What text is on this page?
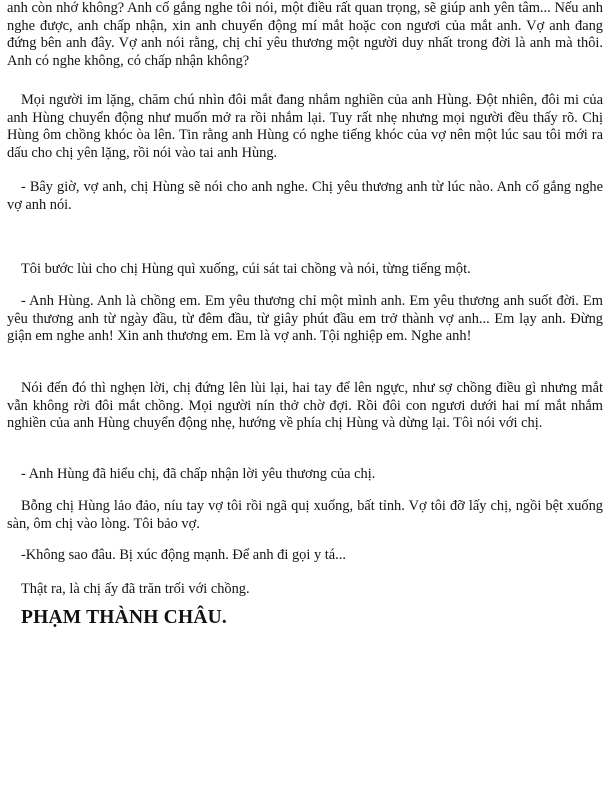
anh còn nhớ không? Anh cố gắng nghe tôi nói, một điều rất quan trọng, sẽ giúp anh yên tâm... Nếu anh nghe được, anh chấp nhận, xin anh chuyển động mí mắt hoặc con ngươi của mắt anh. Vợ anh đang đứng bên anh đây. Vợ anh nói rằng, chị chỉ yêu thương một người duy nhất trong đời là anh mà thôi. Anh có nghe không, có chấp nhận không?

Mọi người im lặng, chăm chú nhìn đôi mắt đang nhắm nghiền của anh Hùng. Đột nhiên, đôi mi của anh Hùng chuyển động như muốn mở ra rồi nhắm lại. Tuy rất nhẹ nhưng mọi người đều thấy rõ. Chị Hùng ôm chồng khóc òa lên. Tin rằng anh Hùng có nghe tiếng khóc của vợ nên một lúc sau tôi mới ra dấu cho chị yên lặng, rồi nói vào tai anh Hùng.

- Bây giờ, vợ anh, chị Hùng sẽ nói cho anh nghe. Chị yêu thương anh từ lúc nào. Anh cố gắng nghe vợ anh nói.

Tôi bước lùi cho chị Hùng quì xuống, cúi sát tai chồng và nói, từng tiếng một.

- Anh Hùng. Anh là chồng em. Em yêu thương chỉ một mình anh. Em yêu thương anh suốt đời. Em yêu thương anh từ ngày đầu, từ đêm đầu, từ giây phút đầu em trở thành vợ anh... Em lạy anh. Đừng giận em nghe anh! Xin anh thương em. Em là vợ anh. Tội nghiệp em. Nghe anh!

Nói đến đó thì nghẹn lời, chị đứng lên lùi lại, hai tay để lên ngực, như sợ chồng điều gì nhưng mắt vẫn không rời đôi mắt chồng. Mọi người nín thở chờ đợi. Rồi đôi con ngươi dưới hai mí mắt nhắm nghiền của anh Hùng chuyển động nhẹ, hướng về phía chị Hùng và dừng lại. Tôi nói với chị.

- Anh Hùng đã hiểu chị, đã chấp nhận lời yêu thương của chị.

Bỗng chị Hùng lảo đảo, níu tay vợ tôi rồi ngã quị xuống, bất tỉnh. Vợ tôi đỡ lấy chị, ngồi bệt xuống sàn, ôm chị vào lòng. Tôi bảo vợ.

-Không sao đâu. Bị xúc động mạnh. Để anh đi gọi y tá...

Thật ra, là chị ấy đã trăn trối với chồng.

PHẠM THÀNH CHÂU.
